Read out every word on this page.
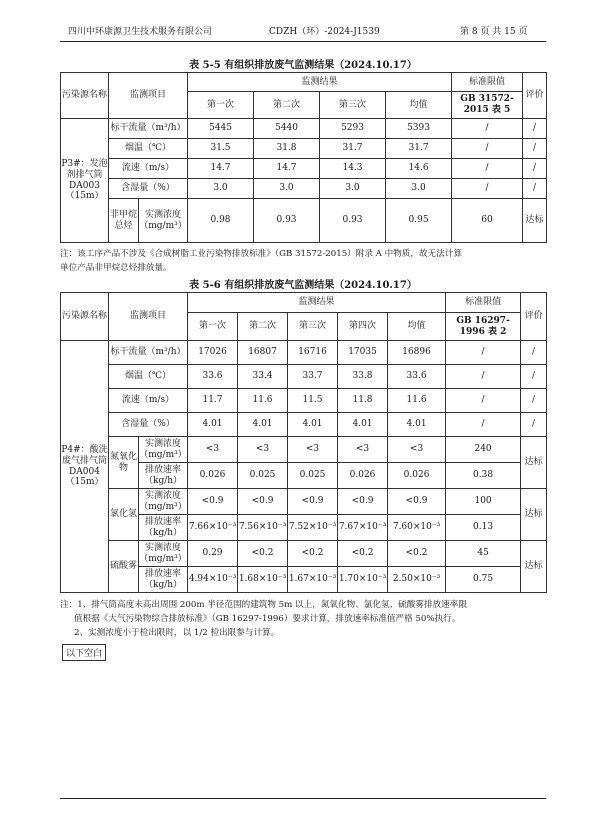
四川中环康源卫生技术服务有限公司	CDZH（环）-2024-J1539	第 8 页 共 15 页
表 5-5 有组织排放废气监测结果（2024.10.17）
污染源名称	监测项目		监测结果				标准限值	评价
			第一次	第二次	第三次	均值	GB 31572-2015 表 5	
P3#：发泡剂排气筒 DA003（15m）	标干流量（m³/h）		5445	5440	5293	5393	/	/
	烟温（℃）		31.5	31.8	31.7	31.7	/	/
	流速（m/s）		14.7	14.7	14.3	14.6	/	/
	含湿量（%）		3.0	3.0	3.0	3.0	/	/
	非甲烷总烃	实测浓度（mg/m³）	0.98	0.93	0.93	0.95	60	达标
注：该工序产品不涉及《合成树脂工业污染物排放标准》（GB 31572-2015）附录 A 中物质，故无法计算
单位产品非甲烷总烃排放量。
表 5-6 有组织排放废气监测结果（2024.10.17）
污染源名称	监测项目		监测结果					标准限值	评价
			第一次	第二次	第三次	第四次	均值	GB 16297-1996 表 2	
P4#：酸洗废气排气筒 DA004（15m）	标干流量（m³/h）		17026	16807	16716	17035	16896	/	/
	烟温（℃）		33.6	33.4	33.7	33.8	33.6	/	/
	流速（m/s）		11.7	11.6	11.5	11.8	11.6	/	/
	含湿量（%）		4.01	4.01	4.01	4.01	4.01	/	/
	氮氧化物	实测浓度（mg/m³）	<3	<3	<3	<3	<3	240	达标
		排放速率（kg/h）	0.026	0.025	0.025	0.026	0.026	0.38	
	氯化氢	实测浓度（mg/m³）	<0.9	<0.9	<0.9	<0.9	<0.9	100	达标
		排放速率（kg/h）	7.66×10⁻³	7.56×10⁻³	7.52×10⁻³	7.67×10⁻³	7.60×10⁻³	0.13	
	硫酸雾	实测浓度（mg/m³）	0.29	<0.2	<0.2	<0.2	<0.2	45	达标
		排放速率（kg/h）	4.94×10⁻³	1.68×10⁻³	1.67×10⁻³	1.70×10⁻³	2.50×10⁻³	0.75	
注：1、排气筒高度未高出周围 200m 半径范围的建筑物 5m 以上，氮氧化物、氯化氢、硫酸雾排放速率限
值根据《大气污染物综合排放标准》（GB 16297-1996）要求计算，排放速率标准值严格 50%执行。
2、实测浓度小于检出限时，以 1/2 检出限参与计算。
以下空白
